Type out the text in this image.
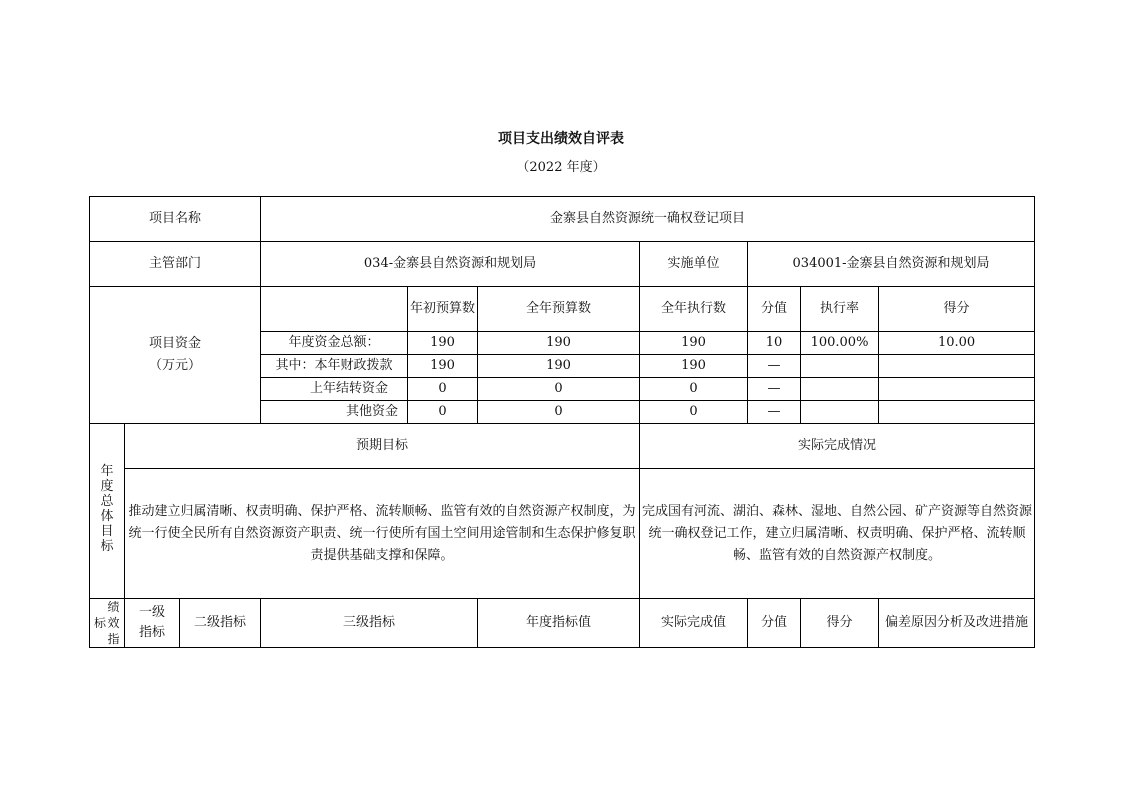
项目支出绩效自评表
（2022 年度）
项目名称			金寨县自然资源统一确权登记项目						
主管部门			034-金寨县自然资源和规划局			实施单位	034001-金寨县自然资源和规划局		

项目资金
（万元）				年初预算数	全年预算数	全年执行数	分值	执行率	得分
			年度资金总额：	190	190	190	10	100.00%	10.00
			其中：本年财政拨款	190	190	190	—		
			上年结转资金	0	0	0	—		
			其他资金	0	0	0	—		
年度总体目标	预期目标					实际完成情况			
	推动建立归属清晰、权责明确、保护严格、流转顺畅、监管有效的自然资源产权制度，为统一行使全民所有自然资源资产职责、统一行使所有国土空间用途管制和生态保护修复职责提供基础支撑和保障。					完成国有河流、湖泊、森林、湿地、自然公园、矿产资源等自然资源统一确权登记工作，建立归属清晰、权责明确、保护严格、流转顺畅、监管有效的自然资源产权制度。			

标
绩效指	一级指标	二级指标	三级指标		年度指标值	实际完成值	分值	得分	偏差原因分析及改进措施
